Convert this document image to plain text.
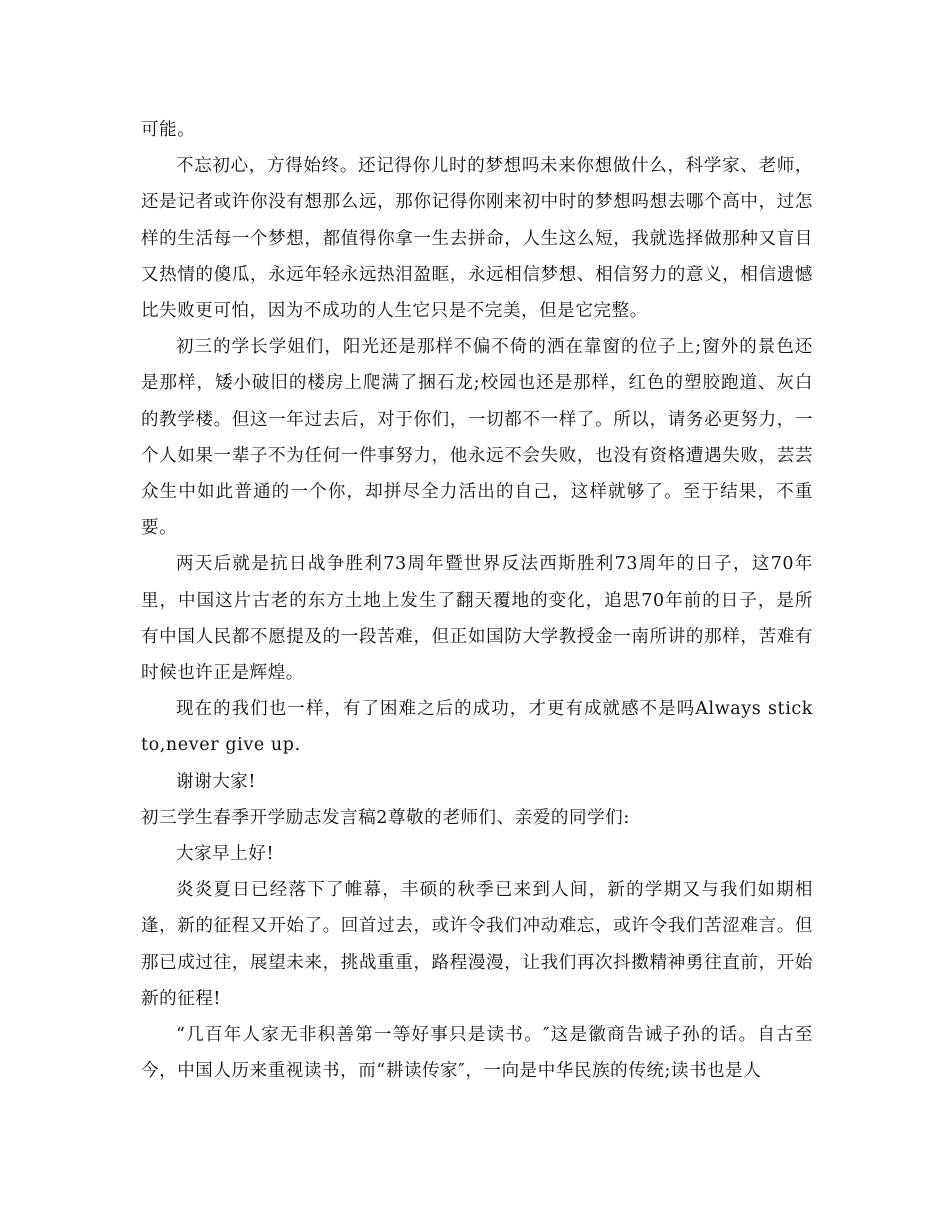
可能。

不忘初心，方得始终。还记得你儿时的梦想吗未来你想做什么，科学家、老师，还是记者或许你没有想那么远，那你记得你刚来初中时的梦想吗想去哪个高中，过怎样的生活每一个梦想，都值得你拿一生去拼命，人生这么短，我就选择做那种又盲目又热情的傻瓜，永远年轻永远热泪盈眶，永远相信梦想、相信努力的意义，相信遗憾比失败更可怕，因为不成功的人生它只是不完美，但是它完整。

初三的学长学姐们，阳光还是那样不偏不倚的洒在靠窗的位子上;窗外的景色还是那样，矮小破旧的楼房上爬满了捆石龙;校园也还是那样，红色的塑胶跑道、灰白的教学楼。但这一年过去后，对于你们，一切都不一样了。所以，请务必更努力，一个人如果一辈子不为任何一件事努力，他永远不会失败，也没有资格遭遇失败，芸芸众生中如此普通的一个你，却拼尽全力活出的自己，这样就够了。至于结果，不重要。

两天后就是抗日战争胜利73周年暨世界反法西斯胜利73周年的日子，这70年里，中国这片古老的东方土地上发生了翻天覆地的变化，追思70年前的日子，是所有中国人民都不愿提及的一段苦难，但正如国防大学教授金一南所讲的那样，苦难有时候也许正是辉煌。

现在的我们也一样，有了困难之后的成功，才更有成就感不是吗Always stick to,never give up.

谢谢大家!

初三学生春季开学励志发言稿2尊敬的老师们、亲爱的同学们:

大家早上好!

炎炎夏日已经落下了帷幕，丰硕的秋季已来到人间，新的学期又与我们如期相逢，新的征程又开始了。回首过去，或许令我们冲动难忘，或许令我们苦涩难言。但那已成过往，展望未来，挑战重重，路程漫漫，让我们再次抖擞精神勇往直前，开始新的征程!

“几百年人家无非积善第一等好事只是读书。″这是徽商告诫子孙的话。自古至今，中国人历来重视读书，而“耕读传家″，一向是中华民族的传统;读书也是人
